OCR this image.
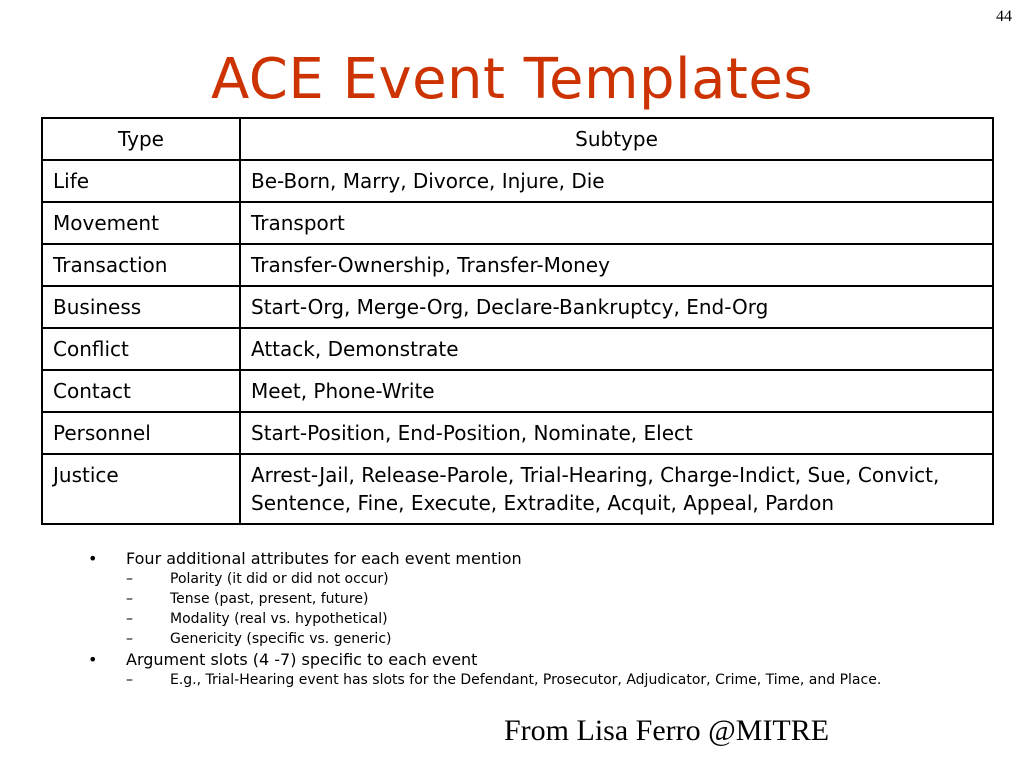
44
ACE Event Templates
Type	Subtype
Life	Be-Born, Marry, Divorce, Injure, Die
Movement	Transport
Transaction	Transfer-Ownership, Transfer-Money
Business	Start-Org, Merge-Org, Declare-Bankruptcy, End-Org
Conflict	Attack, Demonstrate
Contact	Meet, Phone-Write
Personnel	Start-Position, End-Position, Nominate, Elect
Justice	Arrest-Jail, Release-Parole, Trial-Hearing, Charge-Indict, Sue, Convict, Sentence, Fine, Execute, Extradite, Acquit, Appeal, Pardon
•	Four additional attributes for each event mention
–	Polarity (it did or did not occur)
–	Tense (past, present, future)
–	Modality (real vs. hypothetical)
–	Genericity (specific vs. generic)
•	Argument slots (4 -7) specific to each event
–	E.g., Trial-Hearing event has slots for the Defendant, Prosecutor, Adjudicator, Crime, Time, and Place.
From Lisa Ferro @MITRE
